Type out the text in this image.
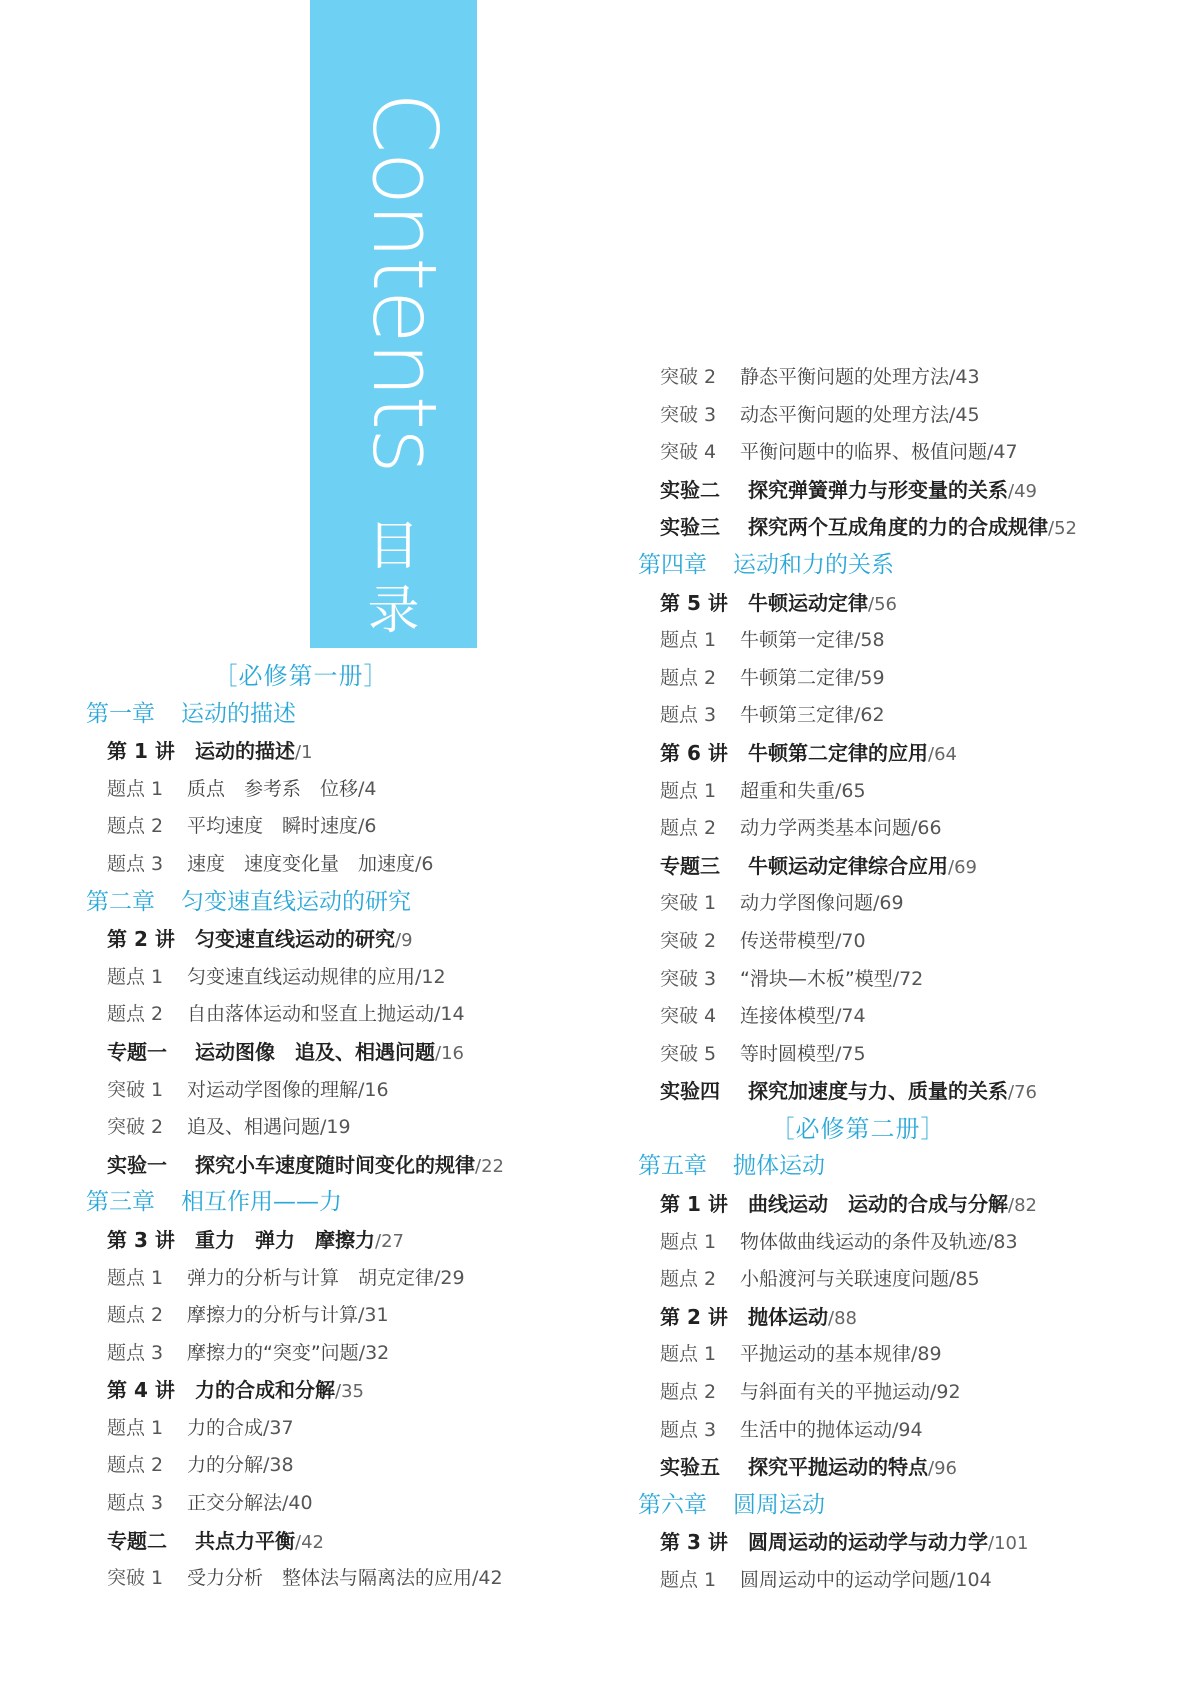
Contents
目录
［必修第一册］
第一章 运动的描述
第 1 讲 运动的描述/1
题点 1 质点　参考系　位移/4
题点 2 平均速度　瞬时速度/6
题点 3 速度　速度变化量　加速度/6
第二章 匀变速直线运动的研究
第 2 讲 匀变速直线运动的研究/9
题点 1 匀变速直线运动规律的应用/12
题点 2 自由落体运动和竖直上抛运动/14
专题一 运动图像　追及、相遇问题/16
突破 1 对运动学图像的理解/16
突破 2 追及、相遇问题/19
实验一 探究小车速度随时间变化的规律/22
第三章 相互作用——力
第 3 讲 重力　弹力　摩擦力/27
题点 1 弹力的分析与计算　胡克定律/29
题点 2 摩擦力的分析与计算/31
题点 3 摩擦力的“突变”问题/32
第 4 讲 力的合成和分解/35
题点 1 力的合成/37
题点 2 力的分解/38
题点 3 正交分解法/40
专题二 共点力平衡/42
突破 1 受力分析　整体法与隔离法的应用/42
突破 2 静态平衡问题的处理方法/43
突破 3 动态平衡问题的处理方法/45
突破 4 平衡问题中的临界、极值问题/47
实验二 探究弹簧弹力与形变量的关系/49
实验三 探究两个互成角度的力的合成规律/52
第四章 运动和力的关系
第 5 讲 牛顿运动定律/56
题点 1 牛顿第一定律/58
题点 2 牛顿第二定律/59
题点 3 牛顿第三定律/62
第 6 讲 牛顿第二定律的应用/64
题点 1 超重和失重/65
题点 2 动力学两类基本问题/66
专题三 牛顿运动定律综合应用/69
突破 1 动力学图像问题/69
突破 2 传送带模型/70
突破 3 “滑块—木板”模型/72
突破 4 连接体模型/74
突破 5 等时圆模型/75
实验四 探究加速度与力、质量的关系/76
［必修第二册］
第五章 抛体运动
第 1 讲 曲线运动　运动的合成与分解/82
题点 1 物体做曲线运动的条件及轨迹/83
题点 2 小船渡河与关联速度问题/85
第 2 讲 抛体运动/88
题点 1 平抛运动的基本规律/89
题点 2 与斜面有关的平抛运动/92
题点 3 生活中的抛体运动/94
实验五 探究平抛运动的特点/96
第六章 圆周运动
第 3 讲 圆周运动的运动学与动力学/101
题点 1 圆周运动中的运动学问题/104
